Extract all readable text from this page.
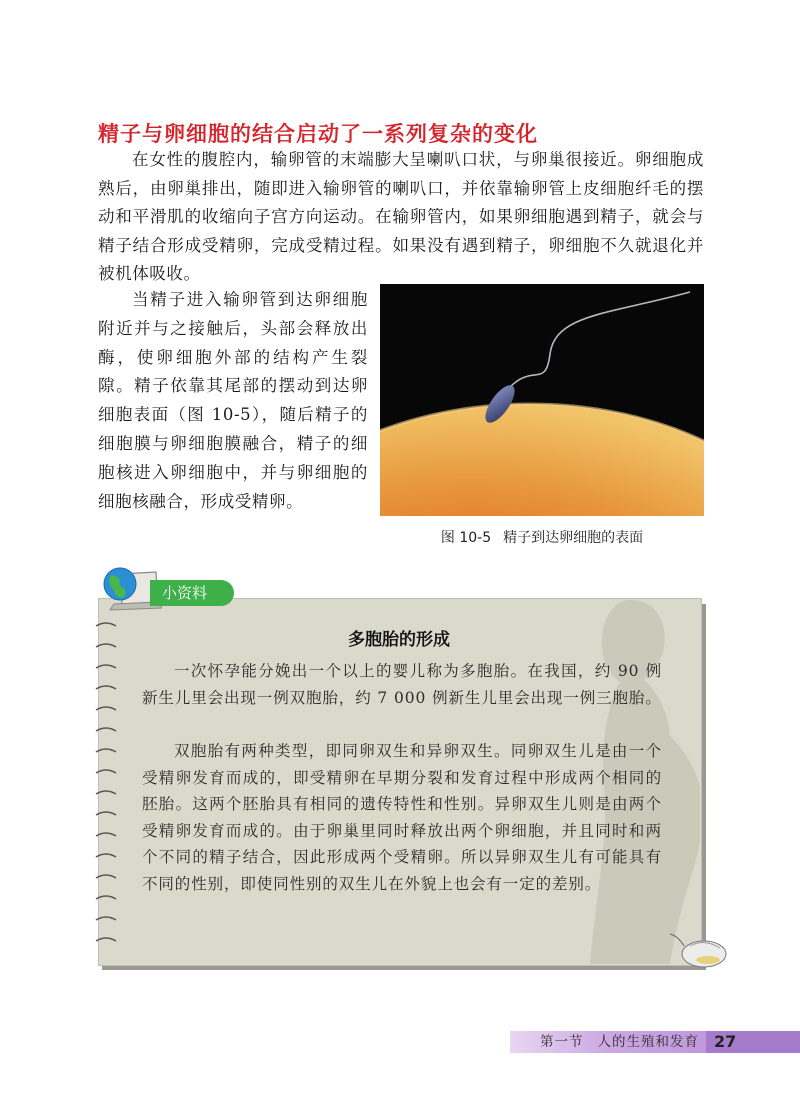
精子与卵细胞的结合启动了一系列复杂的变化

在女性的腹腔内，输卵管的末端膨大呈喇叭口状，与卵巢很接近。卵细胞成熟后，由卵巢排出，随即进入输卵管的喇叭口，并依靠输卵管上皮细胞纤毛的摆动和平滑肌的收缩向子宫方向运动。在输卵管内，如果卵细胞遇到精子，就会与精子结合形成受精卵，完成受精过程。如果没有遇到精子，卵细胞不久就退化并被机体吸收。

当精子进入输卵管到达卵细胞附近并与之接触后，头部会释放出酶，使卵细胞外部的结构产生裂隙。精子依靠其尾部的摆动到达卵细胞表面（图 10-5），随后精子的细胞膜与卵细胞膜融合，精子的细胞核进入卵细胞中，并与卵细胞的细胞核融合，形成受精卵。

图 10-5 精子到达卵细胞的表面
小资料
多胞胎的形成

一次怀孕能分娩出一个以上的婴儿称为多胞胎。在我国，约 90 例新生儿里会出现一例双胞胎，约 7 000 例新生儿里会出现一例三胞胎。

双胞胎有两种类型，即同卵双生和异卵双生。同卵双生儿是由一个受精卵发育而成的，即受精卵在早期分裂和发育过程中形成两个相同的胚胎。这两个胚胎具有相同的遗传特性和性别。异卵双生儿则是由两个受精卵发育而成的。由于卵巢里同时释放出两个卵细胞，并且同时和两个不同的精子结合，因此形成两个受精卵。所以异卵双生儿有可能具有不同的性别，即使同性别的双生儿在外貌上也会有一定的差别。

第一节 人的生殖和发育 27
